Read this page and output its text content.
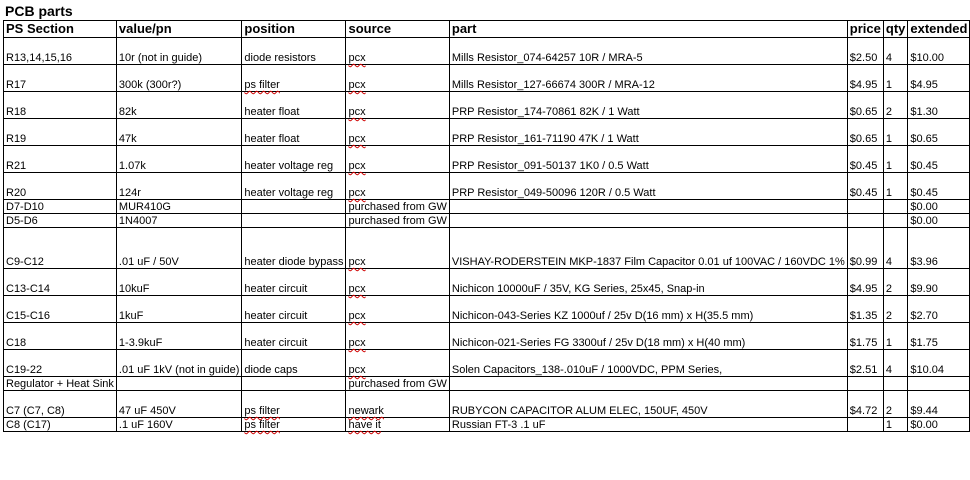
PCB parts
PS Section	value/pn	position	source	part	price	qty	extended
R13,14,15,16	10r (not in guide)	diode resistors	pcx	Mills Resistor_074-64257 10R / MRA-5	$2.50	4	$10.00
R17	300k (300r?)	ps filter	pcx	Mills Resistor_127-66674 300R / MRA-12	$4.95	1	$4.95
R18	82k	heater float	pcx	PRP Resistor_174-70861 82K / 1 Watt	$0.65	2	$1.30
R19	47k	heater float	pcx	PRP Resistor_161-71190 47K / 1 Watt	$0.65	1	$0.65
R21	1.07k	heater voltage reg	pcx	PRP Resistor_091-50137 1K0 / 0.5 Watt	$0.45	1	$0.45
R20	124r	heater voltage reg	pcx	PRP Resistor_049-50096 120R / 0.5 Watt	$0.45	1	$0.45
D7-D10	MUR410G		purchased from GW				$0.00
D5-D6	1N4007		purchased from GW				$0.00
C9-C12	.01 uF / 50V	heater diode bypass	pcx	VISHAY-RODERSTEIN MKP-1837 Film Capacitor 0.01 uf 100VAC / 160VDC 1%	$0.99	4	$3.96
C13-C14	10kuF	heater circuit	pcx	Nichicon 10000uF / 35V, KG Series, 25x45, Snap-in	$4.95	2	$9.90
C15-C16	1kuF	heater circuit	pcx	Nichicon-043-Series KZ 1000uf / 25v D(16 mm) x H(35.5 mm)	$1.35	2	$2.70
C18	1-3.9kuF	heater circuit	pcx	Nichicon-021-Series FG 3300uf / 25v D(18 mm) x H(40 mm)	$1.75	1	$1.75
C19-22	.01 uF 1kV (not in guide)	diode caps	pcx	Solen Capacitors_138-.010uF / 1000VDC, PPM Series,	$2.51	4	$10.04
Regulator + Heat Sink			purchased from GW				
C7 (C7, C8)	47 uF 450V	ps filter	newark	RUBYCON CAPACITOR ALUM ELEC, 150UF, 450V	$4.72	2	$9.44
C8 (C17)	.1 uF 160V	ps filter	have it	Russian FT-3 .1 uF		1	$0.00
